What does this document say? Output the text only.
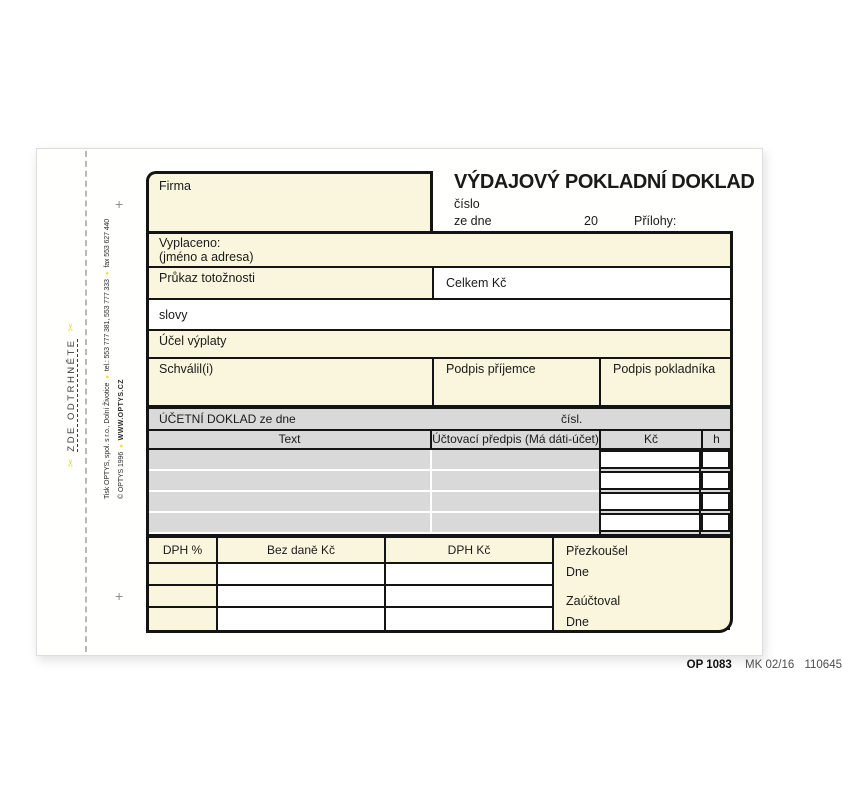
+
+
✂
ZDE ODTRHNĚTE
✂
Tisk OPTYS, spol. s r.o., Dolní Životice
●
tel.: 553 777 381, 553 777 333
●
fax 553 627 440
© OPTYS 1996
●
WWW.OPTYS.CZ
Firma	VÝDAJOVÝ POKLADNÍ DOKLAD
číslo
ze dne	20	Přílohy:
Vyplaceno:
(jméno a adresa)
Průkaz totožnosti	Celkem Kč
slovy
Účel výplaty
Schválil(i)	Podpis příjemce	Podpis pokladníka
ÚČETNÍ DOKLAD ze dne	čísl.
Text	Účtovací předpis (Má dáti-účet)	Kč	h
DPH %	Bez daně Kč	DPH Kč	Přezkoušel
Dne
Zaúčtoval
Dne
OP 1083 MK 02/16 110645
